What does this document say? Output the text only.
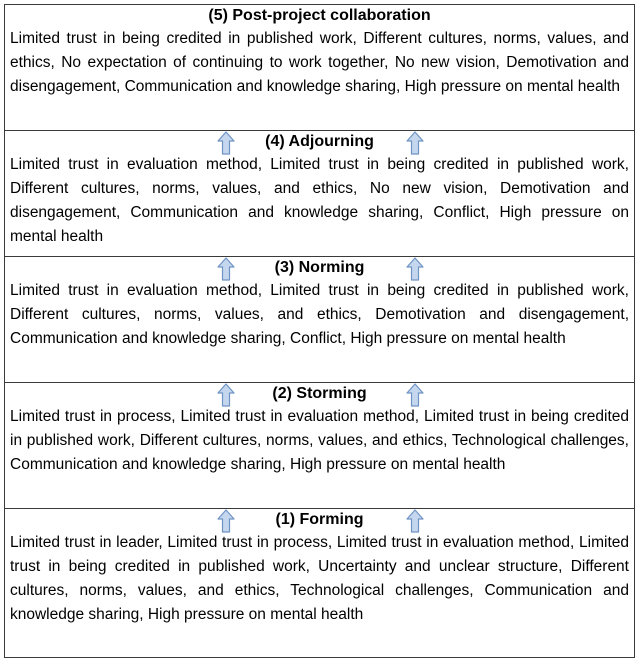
(5) Post-project collaboration
Limited trust in being credited in published work, Different cultures, norms, values, and ethics, No expectation of continuing to work together, No new vision, Demotivation and disengagement, Communication and knowledge sharing, High pressure on mental health
(4) Adjourning
Limited trust in evaluation method, Limited trust in being credited in published work, Different cultures, norms, values, and ethics, No new vision, Demotivation and disengagement, Communication and knowledge sharing, Conflict, High pressure on mental health
(3) Norming
Limited trust in evaluation method, Limited trust in being credited in published work, Different cultures, norms, values, and ethics, Demotivation and disengagement, Communication and knowledge sharing, Conflict, High pressure on mental health
(2) Storming
Limited trust in process, Limited trust in evaluation method, Limited trust in being credited in published work, Different cultures, norms, values, and ethics, Technological challenges, Communication and knowledge sharing, High pressure on mental health
(1) Forming
Limited trust in leader, Limited trust in process, Limited trust in evaluation method, Limited trust in being credited in published work, Uncertainty and unclear structure, Different cultures, norms, values, and ethics, Technological challenges, Communication and knowledge sharing, High pressure on mental health
